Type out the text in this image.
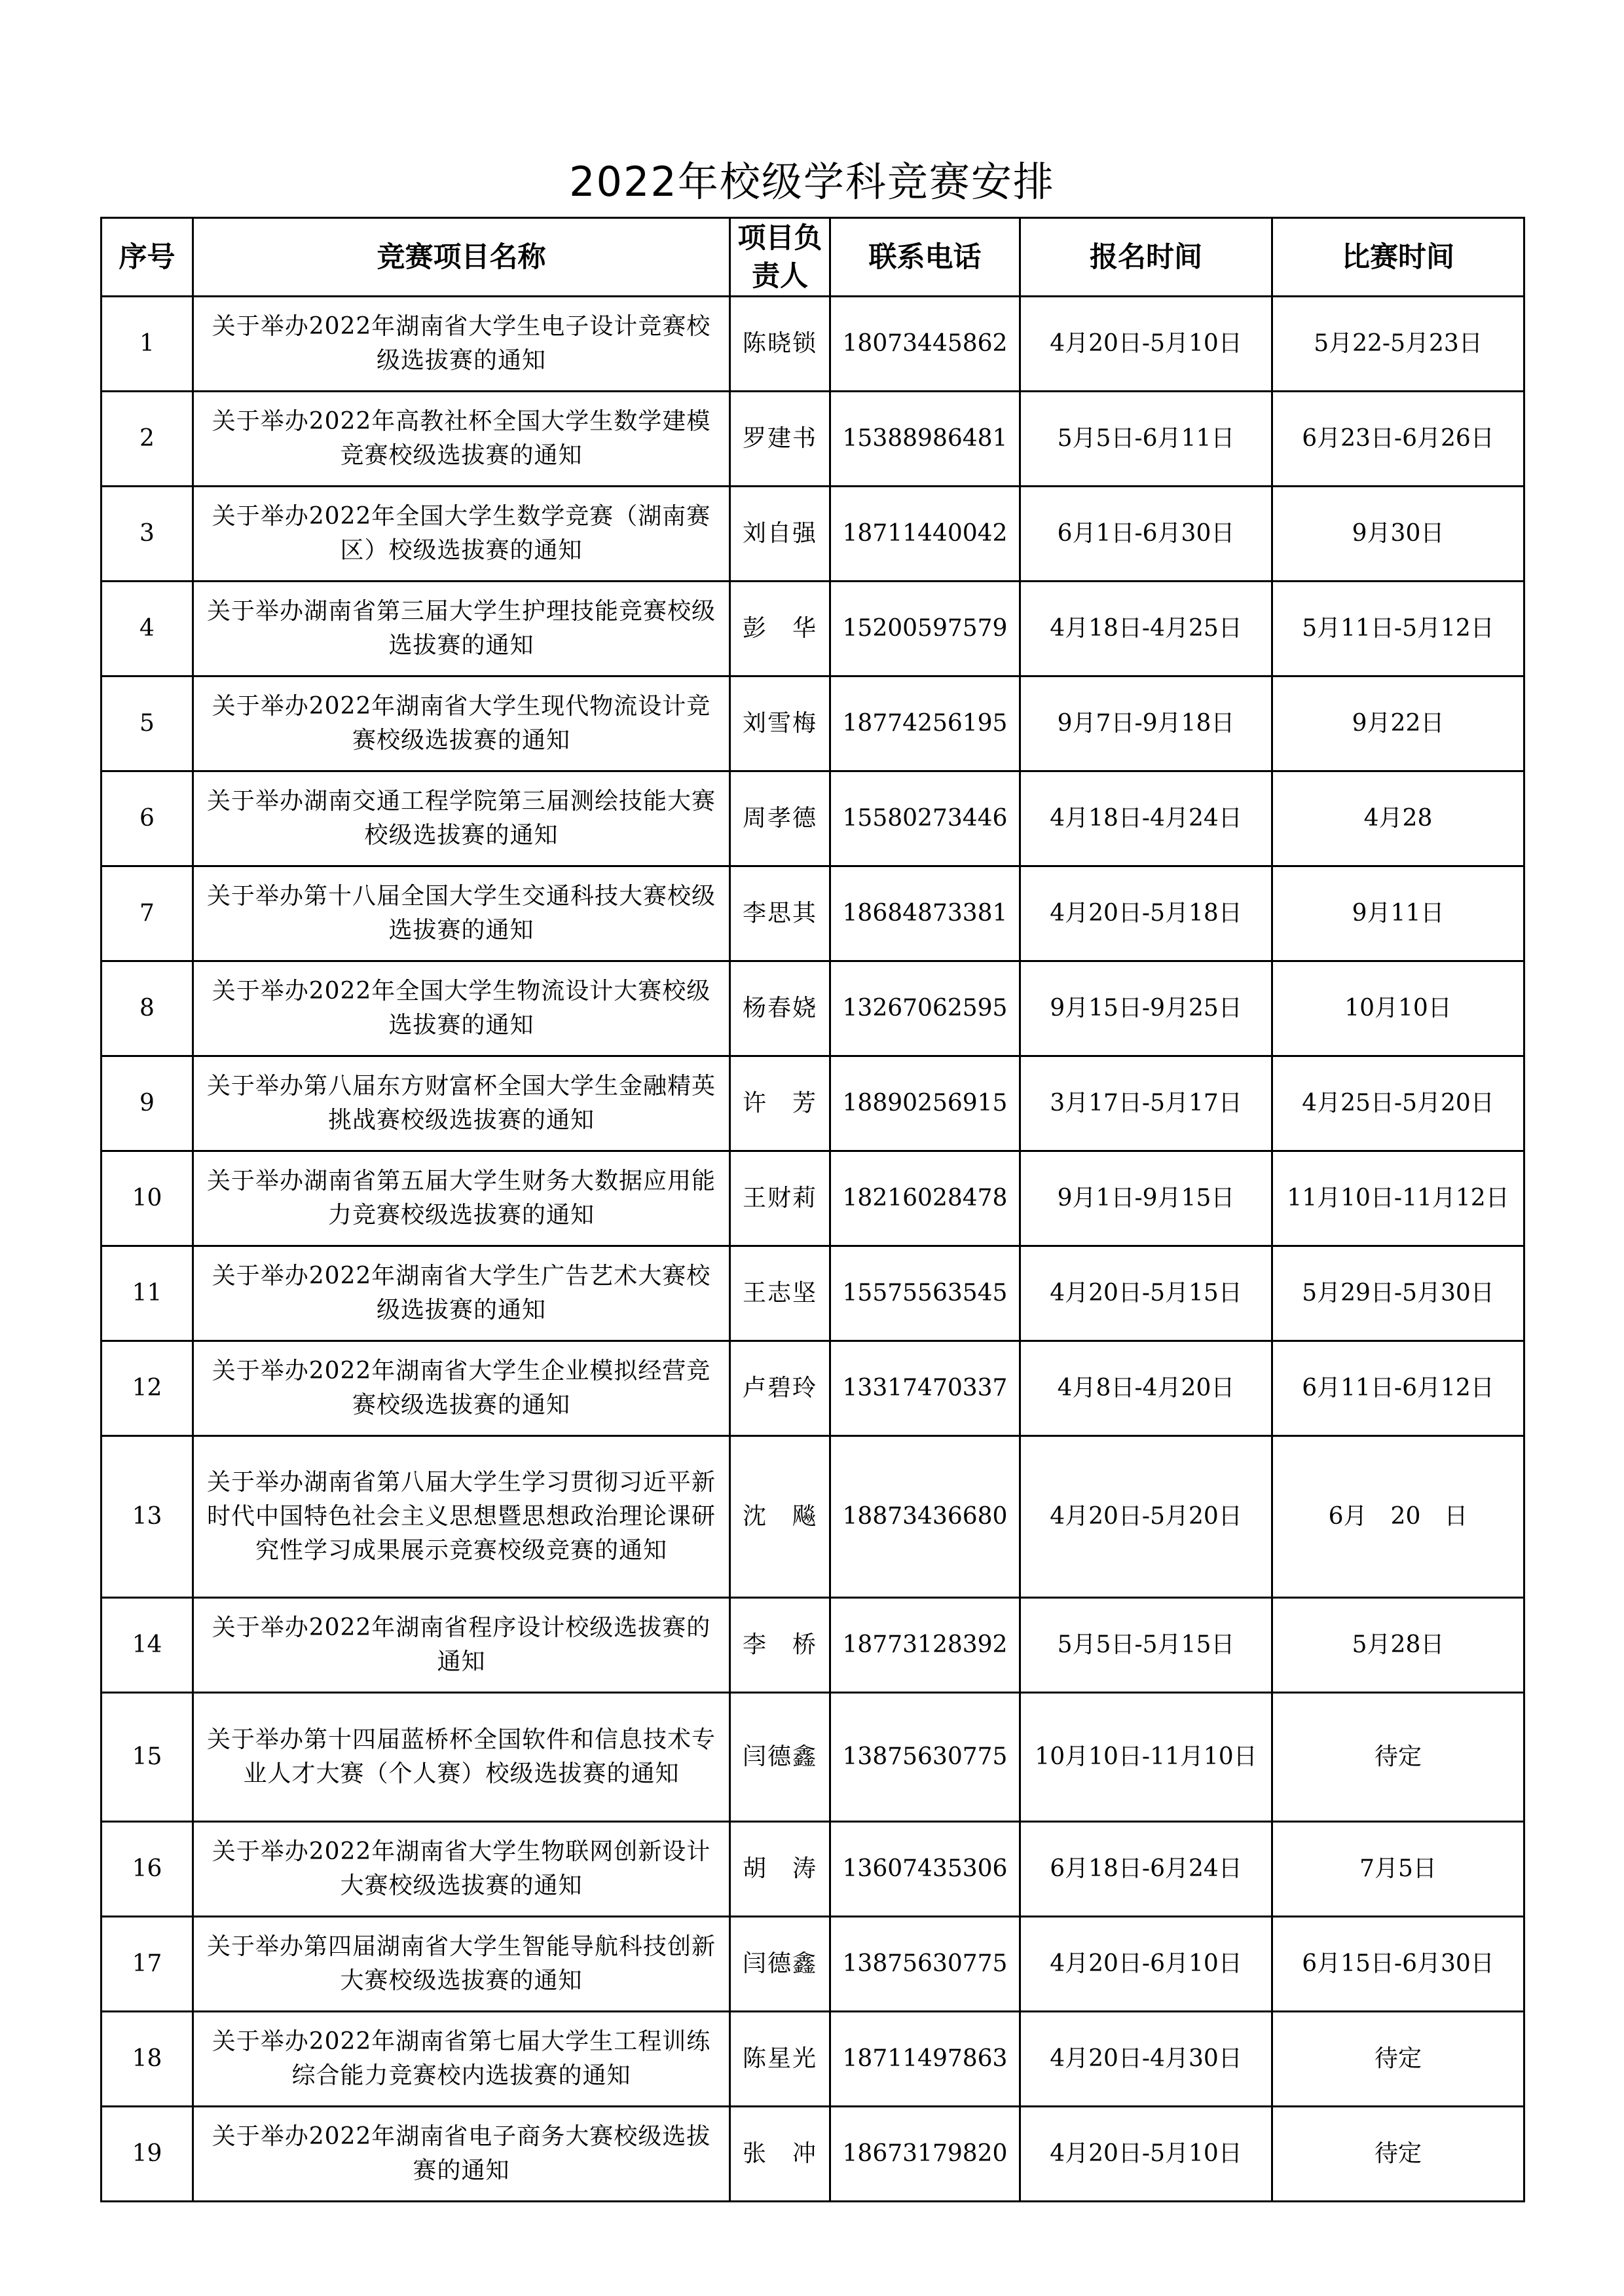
2022年校级学科竞赛安排
序号	竞赛项目名称	项目负责人	联系电话	报名时间	比赛时间
1	关于举办2022年湖南省大学生电子设计竞赛校级选拔赛的通知	陈晓锁	18073445862	4月20日-5月10日	5月22-5月23日
2	关于举办2022年高教社杯全国大学生数学建模竞赛校级选拔赛的通知	罗建书	15388986481	5月5日-6月11日	6月23日-6月26日
3	关于举办2022年全国大学生数学竞赛（湖南赛区）校级选拔赛的通知	刘自强	18711440042	6月1日-6月30日	9月30日
4	关于举办湖南省第三届大学生护理技能竞赛校级选拔赛的通知	彭　华	15200597579	4月18日-4月25日	5月11日-5月12日
5	关于举办2022年湖南省大学生现代物流设计竞赛校级选拔赛的通知	刘雪梅	18774256195	9月7日-9月18日	9月22日
6	关于举办湖南交通工程学院第三届测绘技能大赛校级选拔赛的通知	周孝德	15580273446	4月18日-4月24日	4月28
7	关于举办第十八届全国大学生交通科技大赛校级选拔赛的通知	李思其	18684873381	4月20日-5月18日	9月11日
8	关于举办2022年全国大学生物流设计大赛校级选拔赛的通知	杨春娆	13267062595	9月15日-9月25日	10月10日
9	关于举办第八届东方财富杯全国大学生金融精英挑战赛校级选拔赛的通知	许　芳	18890256915	3月17日-5月17日	4月25日-5月20日
10	关于举办湖南省第五届大学生财务大数据应用能力竞赛校级选拔赛的通知	王财莉	18216028478	9月1日-9月15日	11月10日-11月12日
11	关于举办2022年湖南省大学生广告艺术大赛校级选拔赛的通知	王志坚	15575563545	4月20日-5月15日	5月29日-5月30日
12	关于举办2022年湖南省大学生企业模拟经营竞赛校级选拔赛的通知	卢碧玲	13317470337	4月8日-4月20日	6月11日-6月12日
13	关于举办湖南省第八届大学生学习贯彻习近平新时代中国特色社会主义思想暨思想政治理论课研究性学习成果展示竞赛校级竞赛的通知	沈　飚	18873436680	4月20日-5月20日	6月　20　日
14	关于举办2022年湖南省程序设计校级选拔赛的通知	李　桥	18773128392	5月5日-5月15日	5月28日
15	关于举办第十四届蓝桥杯全国软件和信息技术专业人才大赛（个人赛）校级选拔赛的通知	闫德鑫	13875630775	10月10日-11月10日	待定
16	关于举办2022年湖南省大学生物联网创新设计大赛校级选拔赛的通知	胡　涛	13607435306	6月18日-6月24日	7月5日
17	关于举办第四届湖南省大学生智能导航科技创新大赛校级选拔赛的通知	闫德鑫	13875630775	4月20日-6月10日	6月15日-6月30日
18	关于举办2022年湖南省第七届大学生工程训练综合能力竞赛校内选拔赛的通知	陈星光	18711497863	4月20日-4月30日	待定
19	关于举办2022年湖南省电子商务大赛校级选拔赛的通知	张　冲	18673179820	4月20日-5月10日	待定
